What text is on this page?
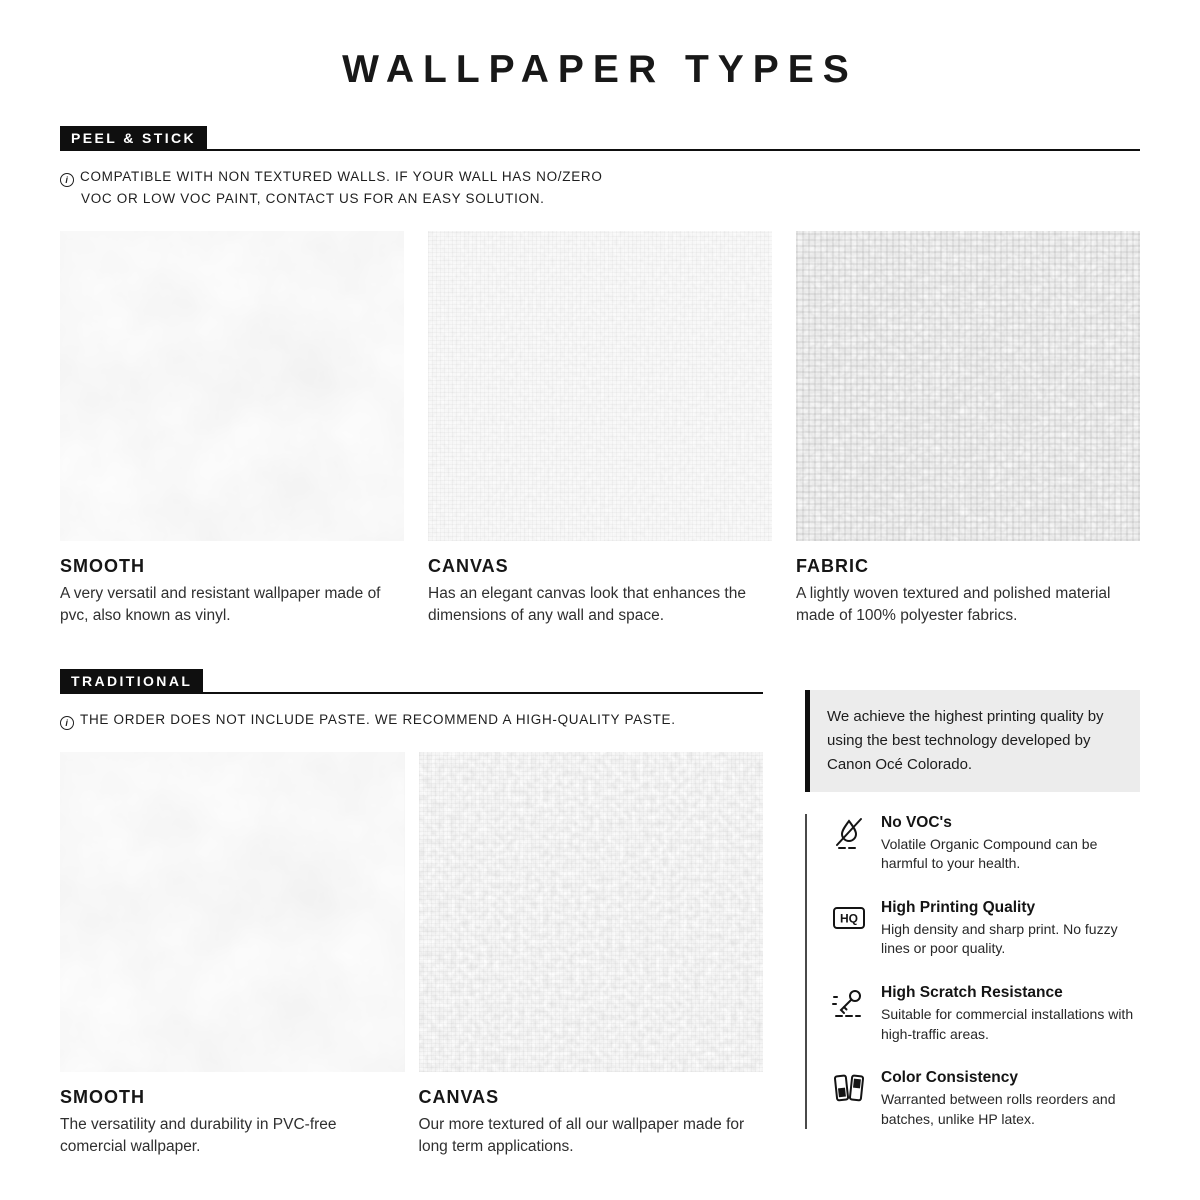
WALLPAPER TYPES
PEEL & STICK
iCOMPATIBLE WITH NON TEXTURED WALLS. IF YOUR WALL HAS NO/ZERO
VOC OR LOW VOC PAINT, CONTACT US FOR AN EASY SOLUTION.
SMOOTH
A very versatil and resistant wallpaper made of pvc, also known as vinyl.
CANVAS
Has an elegant canvas look that enhances the dimensions of any wall and space.
FABRIC
A lightly woven textured and polished material made of 100% polyester fabrics.
TRADITIONAL
iTHE ORDER DOES NOT INCLUDE PASTE. WE RECOMMEND A HIGH-QUALITY PASTE.
SMOOTH
The versatility and durability in PVC-free comercial wallpaper.
CANVAS
Our more textured of all our wallpaper made for long term applications.
We achieve the highest printing quality by using the best technology developed by Canon Océ Colorado.
No VOC's
Volatile Organic Compound can be harmful to your health.
HQ
High Printing Quality
High density and sharp print. No fuzzy lines or poor quality.
High Scratch Resistance
Suitable for commercial installations with high-traffic areas.
Color Consistency
Warranted between rolls reorders and batches, unlike HP latex.
